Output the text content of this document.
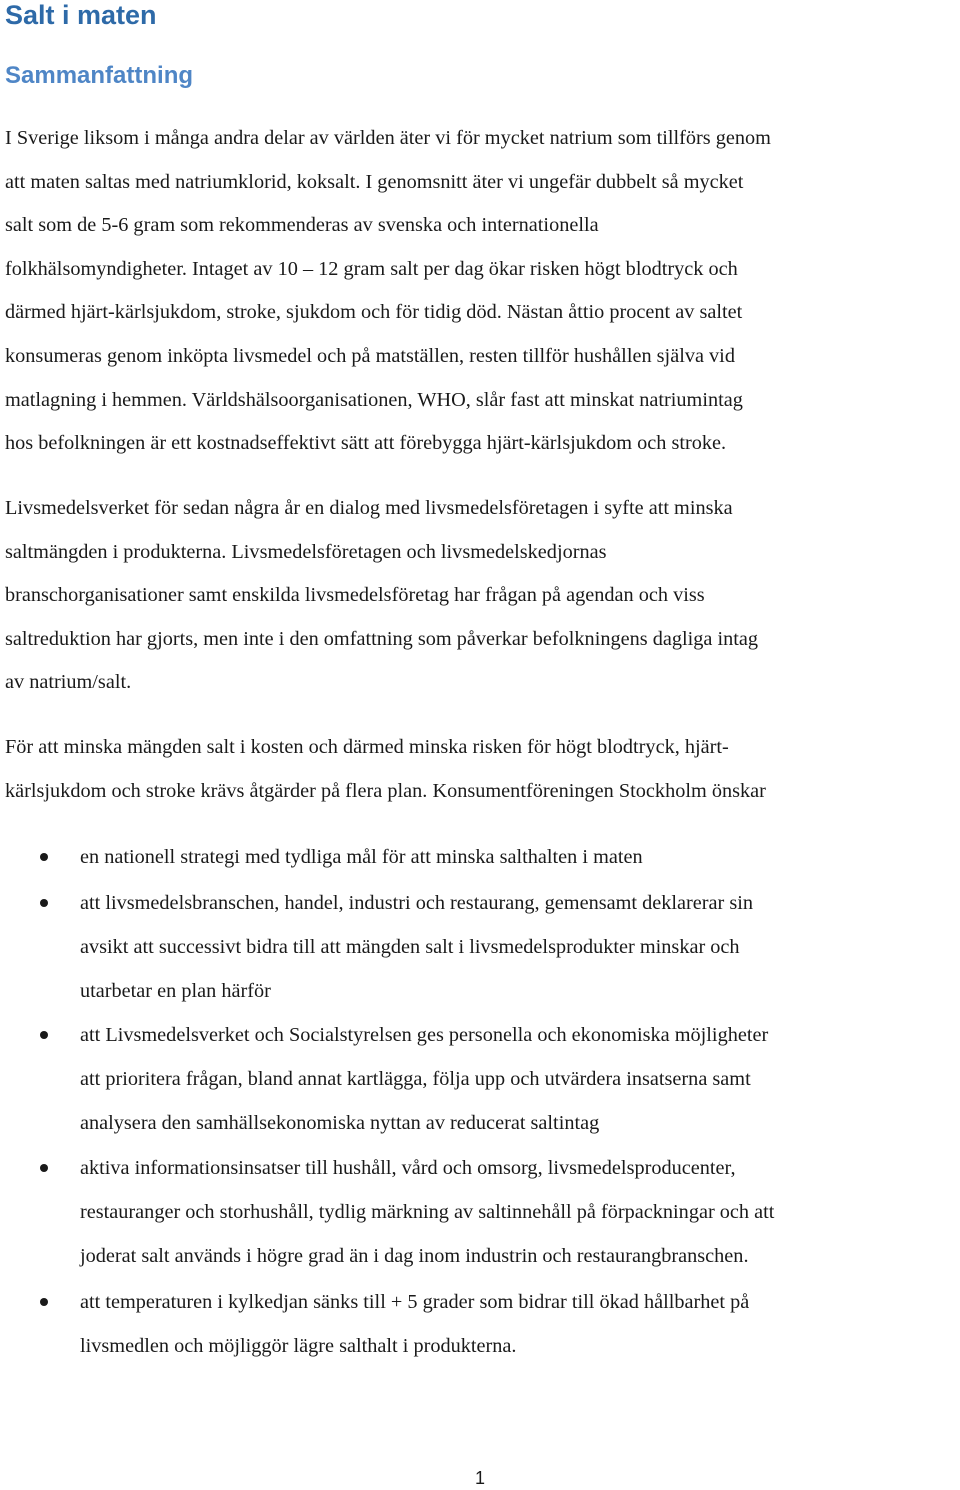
Salt i maten
Sammanfattning

I Sverige liksom i många andra delar av världen äter vi för mycket natrium som tillförs genom
att maten saltas med natriumklorid, koksalt. I genomsnitt äter vi ungefär dubbelt så mycket
salt som de 5-6 gram som rekommenderas av svenska och internationella
folkhälsomyndigheter. Intaget av 10 – 12 gram salt per dag ökar risken högt blodtryck och
därmed hjärt-kärlsjukdom, stroke, sjukdom och för tidig död. Nästan åttio procent av saltet
konsumeras genom inköpta livsmedel och på matställen, resten tillför hushållen själva vid
matlagning i hemmen. Världshälsoorganisationen, WHO, slår fast att minskat natriumintag
hos befolkningen är ett kostnadseffektivt sätt att förebygga hjärt-kärlsjukdom och stroke.

Livsmedelsverket för sedan några år en dialog med livsmedelsföretagen i syfte att minska
saltmängden i produkterna. Livsmedelsföretagen och livsmedelskedjornas
branschorganisationer samt enskilda livsmedelsföretag har frågan på agendan och viss
saltreduktion har gjorts, men inte i den omfattning som påverkar befolkningens dagliga intag
av natrium/salt.

För att minska mängden salt i kosten och därmed minska risken för högt blodtryck, hjärt-
kärlsjukdom och stroke krävs åtgärder på flera plan. Konsumentföreningen Stockholm önskar

en nationell strategi med tydliga mål för att minska salthalten i maten
att livsmedelsbranschen, handel, industri och restaurang, gemensamt deklarerar sin
avsikt att successivt bidra till att mängden salt i livsmedelsprodukter minskar och
utarbetar en plan härför
att Livsmedelsverket och Socialstyrelsen ges personella och ekonomiska möjligheter
att prioritera frågan, bland annat kartlägga, följa upp och utvärdera insatserna samt
analysera den samhällsekonomiska nyttan av reducerat saltintag
aktiva informationsinsatser till hushåll, vård och omsorg, livsmedelsproducenter,
restauranger och storhushåll, tydlig märkning av saltinnehåll på förpackningar och att
joderat salt används i högre grad än i dag inom industrin och restaurangbranschen.
att temperaturen i kylkedjan sänks till + 5 grader som bidrar till ökad hållbarhet på
livsmedlen och möjliggör lägre salthalt i produkterna.
1
